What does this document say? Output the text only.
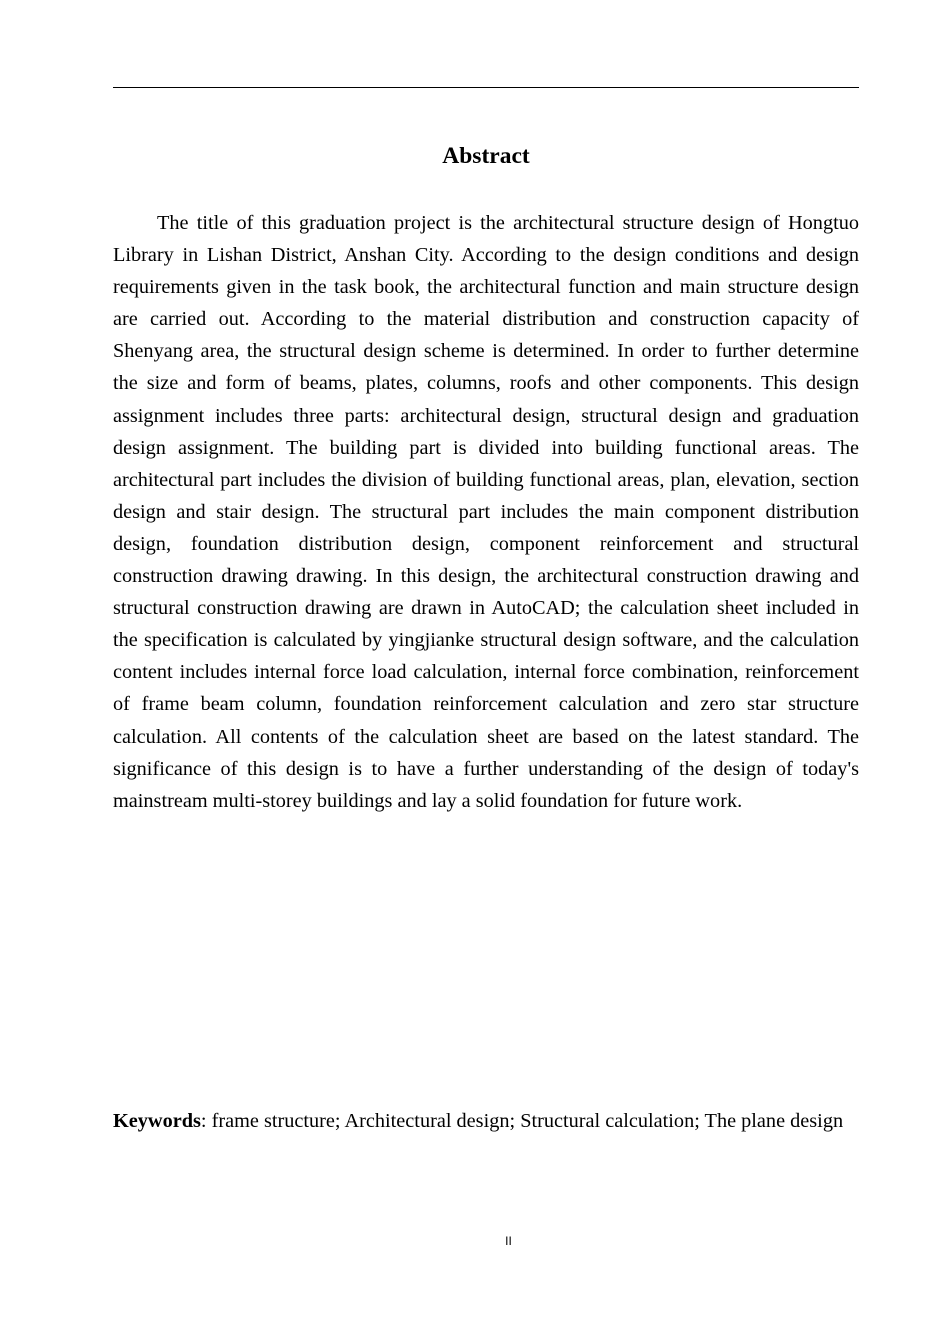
Abstract

The title of this graduation project is the architectural structure design of Hongtuo Library in Lishan District, Anshan City. According to the design conditions and design requirements given in the task book, the architectural function and main structure design are carried out. According to the material distribution and construction capacity of Shenyang area, the structural design scheme is determined. In order to further determine the size and form of beams, plates, columns, roofs and other components. This design assignment includes three parts: architectural design, structural design and graduation design assignment. The building part is divided into building functional areas. The architectural part includes the division of building functional areas, plan, elevation, section design and stair design. The structural part includes the main component distribution design, foundation distribution design, component reinforcement and structural construction drawing drawing. In this design, the architectural construction drawing and structural construction drawing are drawn in AutoCAD; the calculation sheet included in the specification is calculated by yingjianke structural design software, and the calculation content includes internal force load calculation, internal force combination, reinforcement of frame beam column, foundation reinforcement calculation and zero star structure calculation. All contents of the calculation sheet are based on the latest standard. The significance of this design is to have a further understanding of the design of today's mainstream multi-storey buildings and lay a solid foundation for future work.

Keywords: frame structure; Architectural design; Structural calculation; The plane design

II
